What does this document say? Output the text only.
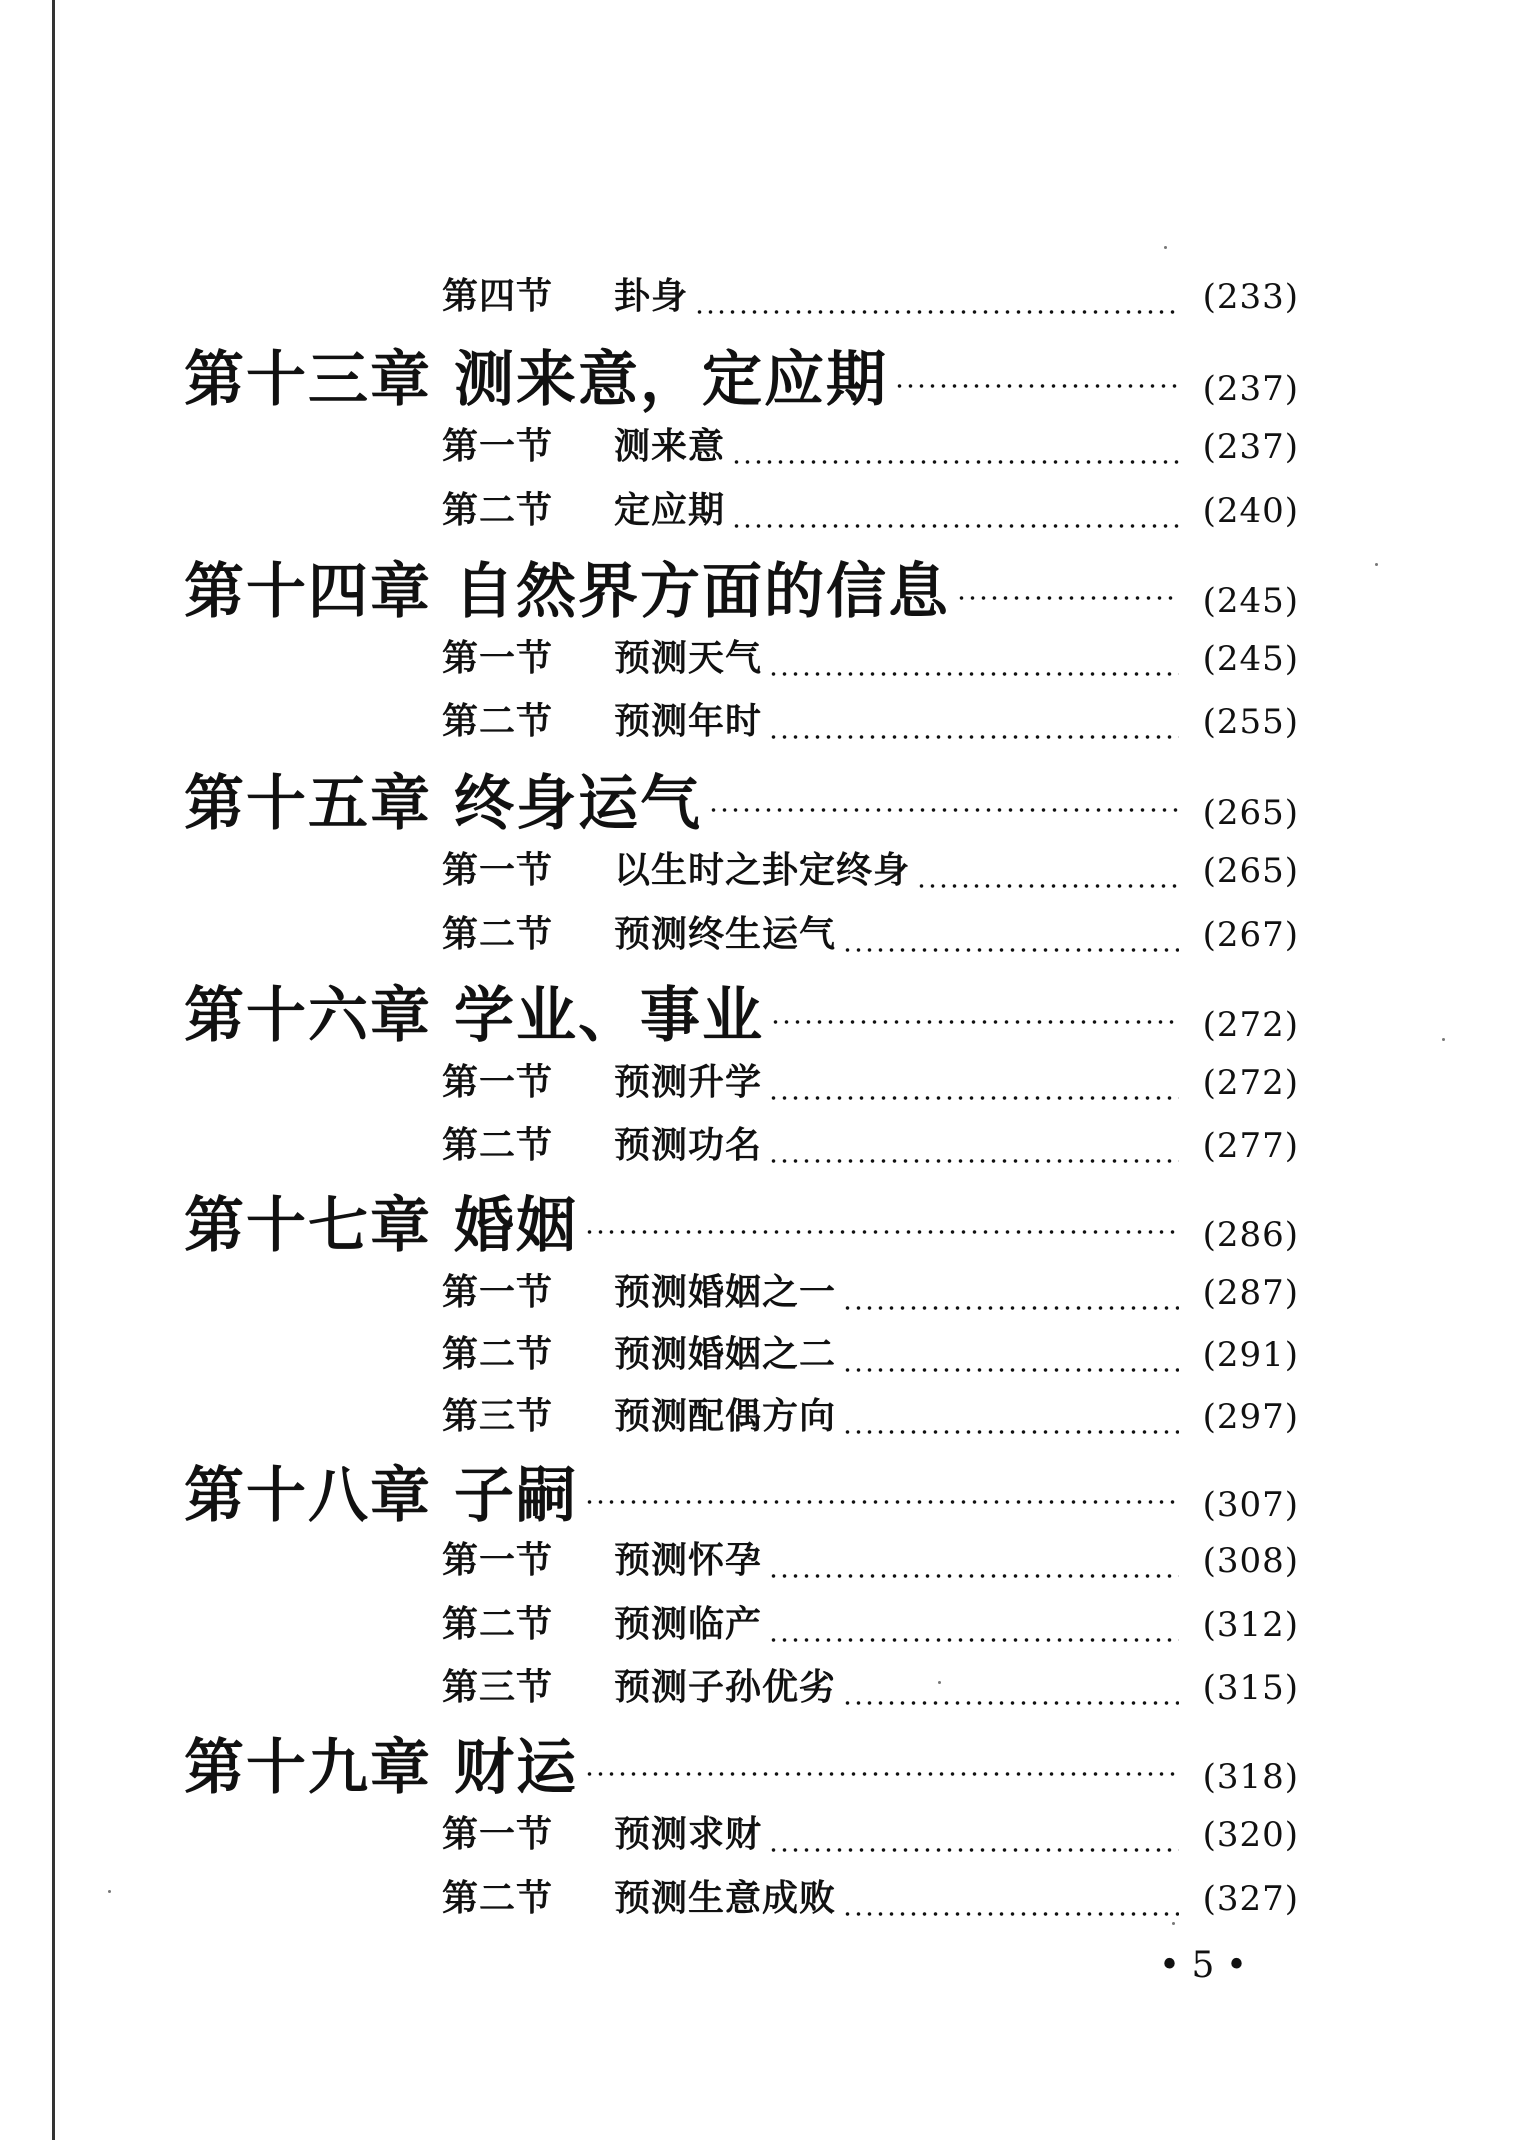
第四节	卦身	(233)
第十三章 测来意，定应期	(237)
第一节	测来意	(237)
第二节	定应期	(240)
第十四章 自然界方面的信息	(245)
第一节	预测天气	(245)
第二节	预测年时	(255)
第十五章 终身运气	(265)
第一节	以生时之卦定终身	(265)
第二节	预测终生运气	(267)
第十六章 学业、事业	(272)
第一节	预测升学	(272)
第二节	预测功名	(277)
第十七章 婚姻	(286)
第一节	预测婚姻之一	(287)
第二节	预测婚姻之二	(291)
第三节	预测配偶方向	(297)
第十八章 子嗣	(307)
第一节	预测怀孕	(308)
第二节	预测临产	(312)
第三节	预测子孙优劣	(315)
第十九章 财运	(318)
第一节	预测求财	(320)
第二节	预测生意成败	(327)
• 5 •
